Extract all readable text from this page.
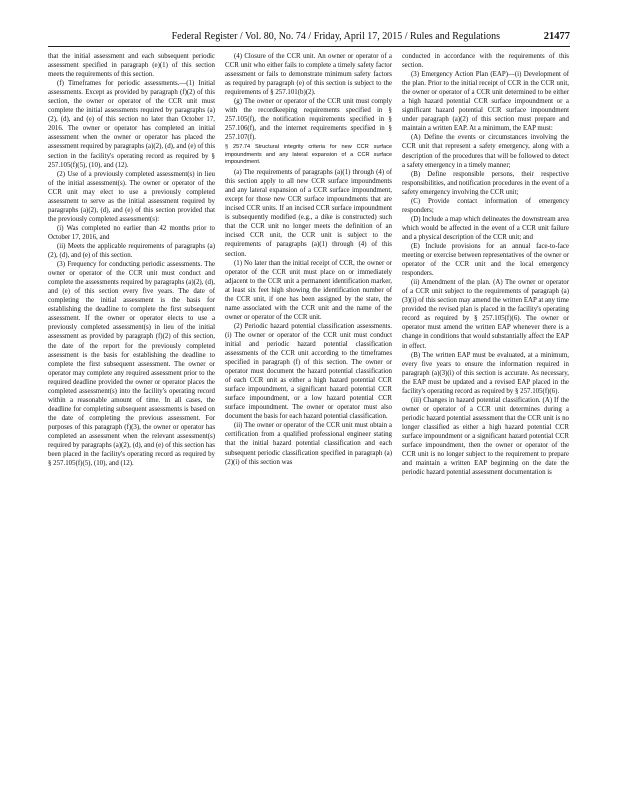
Federal Register / Vol. 80, No. 74 / Friday, April 17, 2015 / Rules and Regulations	21477

that the initial assessment and each subsequent periodic assessment specified in paragraph (e)(1) of this section meets the requirements of this section.

(f) Timeframes for periodic assessments.—(1) Initial assessments. Except as provided by paragraph (f)(2) of this section, the owner or operator of the CCR unit must complete the initial assessments required by paragraphs (a)(2), (d), and (e) of this section no later than October 17, 2016. The owner or operator has completed an initial assessment when the owner or operator has placed the assessment required by paragraphs (a)(2), (d), and (e) of this section in the facility's operating record as required by § 257.105(f)(5), (10), and (12).

(2) Use of a previously completed assessment(s) in lieu of the initial assessment(s). The owner or operator of the CCR unit may elect to use a previously completed assessment to serve as the initial assessment required by paragraphs (a)(2), (d), and (e) of this section provided that the previously completed assessment(s):

(i) Was completed no earlier than 42 months prior to October 17, 2016, and

(ii) Meets the applicable requirements of paragraphs (a)(2), (d), and (e) of this section.

(3) Frequency for conducting periodic assessments. The owner or operator of the CCR unit must conduct and complete the assessments required by paragraphs (a)(2), (d), and (e) of this section every five years. The date of completing the initial assessment is the basis for establishing the deadline to complete the first subsequent assessment. If the owner or operator elects to use a previously completed assessment(s) in lieu of the initial assessment as provided by paragraph (f)(2) of this section, the date of the report for the previously completed assessment is the basis for establishing the deadline to complete the first subsequent assessment. The owner or operator may complete any required assessment prior to the required deadline provided the owner or operator places the completed assessment(s) into the facility's operating record within a reasonable amount of time. In all cases, the deadline for completing subsequent assessments is based on the date of completing the previous assessment. For purposes of this paragraph (f)(3), the owner or operator has completed an assessment when the relevant assessment(s) required by paragraphs (a)(2), (d), and (e) of this section has been placed in the facility's operating record as required by § 257.105(f)(5), (10), and (12).

(4) Closure of the CCR unit. An owner or operator of a CCR unit who either fails to complete a timely safety factor assessment or fails to demonstrate minimum safety factors as required by paragraph (e) of this section is subject to the requirements of § 257.101(b)(2).

(g) The owner or operator of the CCR unit must comply with the recordkeeping requirements specified in § 257.105(f), the notification requirements specified in § 257.106(f), and the internet requirements specified in § 257.107(f).

§ 257.74 Structural integrity criteria for new CCR surface impoundments and any lateral expansion of a CCR surface impoundment.

(a) The requirements of paragraphs (a)(1) through (4) of this section apply to all new CCR surface impoundments and any lateral expansion of a CCR surface impoundment, except for those new CCR surface impoundments that are incised CCR units. If an incised CCR surface impoundment is subsequently modified (e.g., a dike is constructed) such that the CCR unit no longer meets the definition of an incised CCR unit, the CCR unit is subject to the requirements of paragraphs (a)(1) through (4) of this section.

(1) No later than the initial receipt of CCR, the owner or operator of the CCR unit must place on or immediately adjacent to the CCR unit a permanent identification marker, at least six feet high showing the identification number of the CCR unit, if one has been assigned by the state, the name associated with the CCR unit and the name of the owner or operator of the CCR unit.

(2) Periodic hazard potential classification assessments. (i) The owner or operator of the CCR unit must conduct initial and periodic hazard potential classification assessments of the CCR unit according to the timeframes specified in paragraph (f) of this section. The owner or operator must document the hazard potential classification of each CCR unit as either a high hazard potential CCR surface impoundment, a significant hazard potential CCR surface impoundment, or a low hazard potential CCR surface impoundment. The owner or operator must also document the basis for each hazard potential classification.

(ii) The owner or operator of the CCR unit must obtain a certification from a qualified professional engineer stating that the initial hazard potential classification and each subsequent periodic classification specified in paragraph (a)(2)(i) of this section was

conducted in accordance with the requirements of this section.

(3) Emergency Action Plan (EAP)—(i) Development of the plan. Prior to the initial receipt of CCR in the CCR unit, the owner or operator of a CCR unit determined to be either a high hazard potential CCR surface impoundment or a significant hazard potential CCR surface impoundment under paragraph (a)(2) of this section must prepare and maintain a written EAP. At a minimum, the EAP must:

(A) Define the events or circumstances involving the CCR unit that represent a safety emergency, along with a description of the procedures that will be followed to detect a safety emergency in a timely manner;

(B) Define responsible persons, their respective responsibilities, and notification procedures in the event of a safety emergency involving the CCR unit;

(C) Provide contact information of emergency responders;

(D) Include a map which delineates the downstream area which would be affected in the event of a CCR unit failure and a physical description of the CCR unit; and

(E) Include provisions for an annual face-to-face meeting or exercise between representatives of the owner or operator of the CCR unit and the local emergency responders.

(ii) Amendment of the plan. (A) The owner or operator of a CCR unit subject to the requirements of paragraph (a)(3)(i) of this section may amend the written EAP at any time provided the revised plan is placed in the facility's operating record as required by § 257.105(f)(6). The owner or operator must amend the written EAP whenever there is a change in conditions that would substantially affect the EAP in effect.

(B) The written EAP must be evaluated, at a minimum, every five years to ensure the information required in paragraph (a)(3)(i) of this section is accurate. As necessary, the EAP must be updated and a revised EAP placed in the facility's operating record as required by § 257.105(f)(6).

(iii) Changes in hazard potential classification. (A) If the owner or operator of a CCR unit determines during a periodic hazard potential assessment that the CCR unit is no longer classified as either a high hazard potential CCR surface impoundment or a significant hazard potential CCR surface impoundment, then the owner or operator of the CCR unit is no longer subject to the requirement to prepare and maintain a written EAP beginning on the date the periodic hazard potential assessment documentation is
